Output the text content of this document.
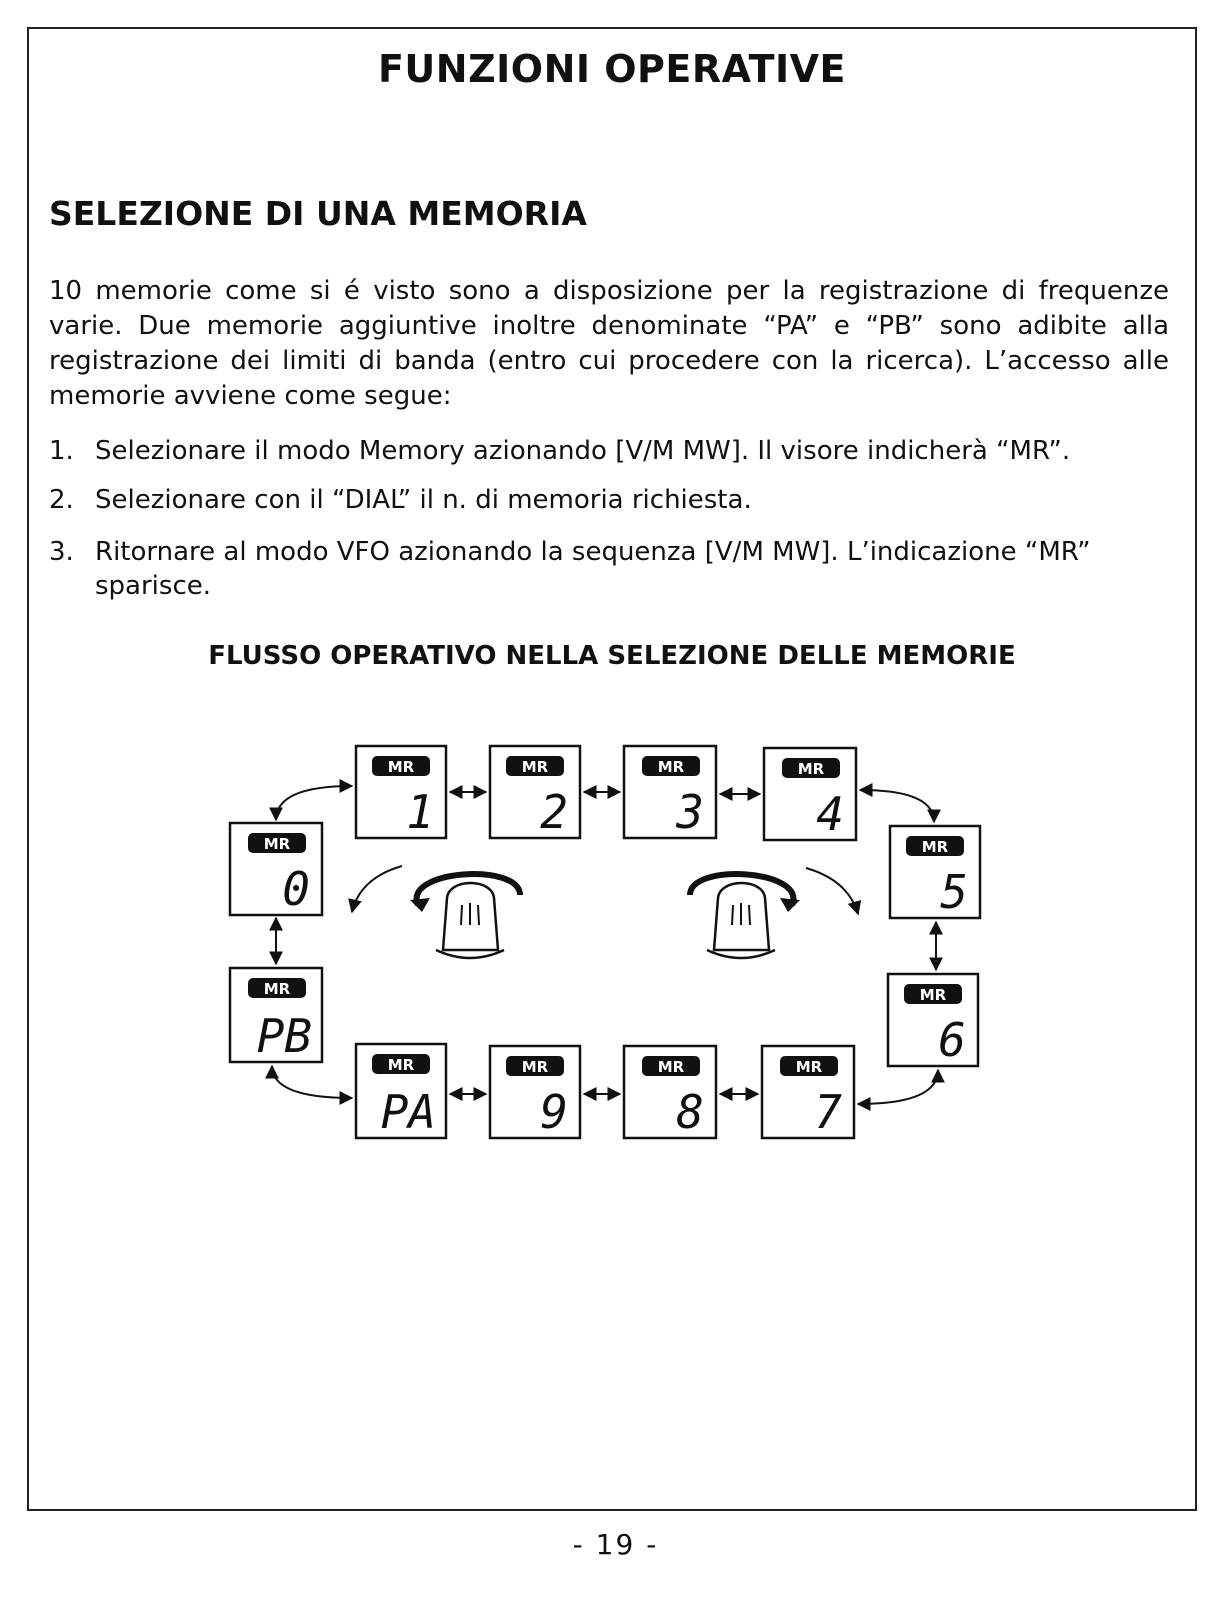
FUNZIONI OPERATIVE
SELEZIONE DI UNA MEMORIA
10 memorie come si é visto sono a disposizione per la registrazione di frequenze varie. Due memorie aggiuntive inoltre denominate “PA” e “PB” sono adibite alla registrazione dei limiti di banda (entro cui procedere con la ricerca). L’accesso alle memorie avviene come segue:
1. Selezionare il modo Memory azionando [V/M MW]. Il visore indicherà “MR”.
2. Selezionare con il “DIAL” il n. di memoria richiesta.
3. Ritornare al modo VFO azionando la sequenza [V/M MW]. L’indicazione “MR” sparisce.
FLUSSO OPERATIVO NELLA SELEZIONE DELLE MEMORIE
MR
1
MR
2
MR
3
MR
4
MR
0
MR
5
MR
PB
MR
6
MR
PA
MR
9
MR
8
MR
7
- 19 -
